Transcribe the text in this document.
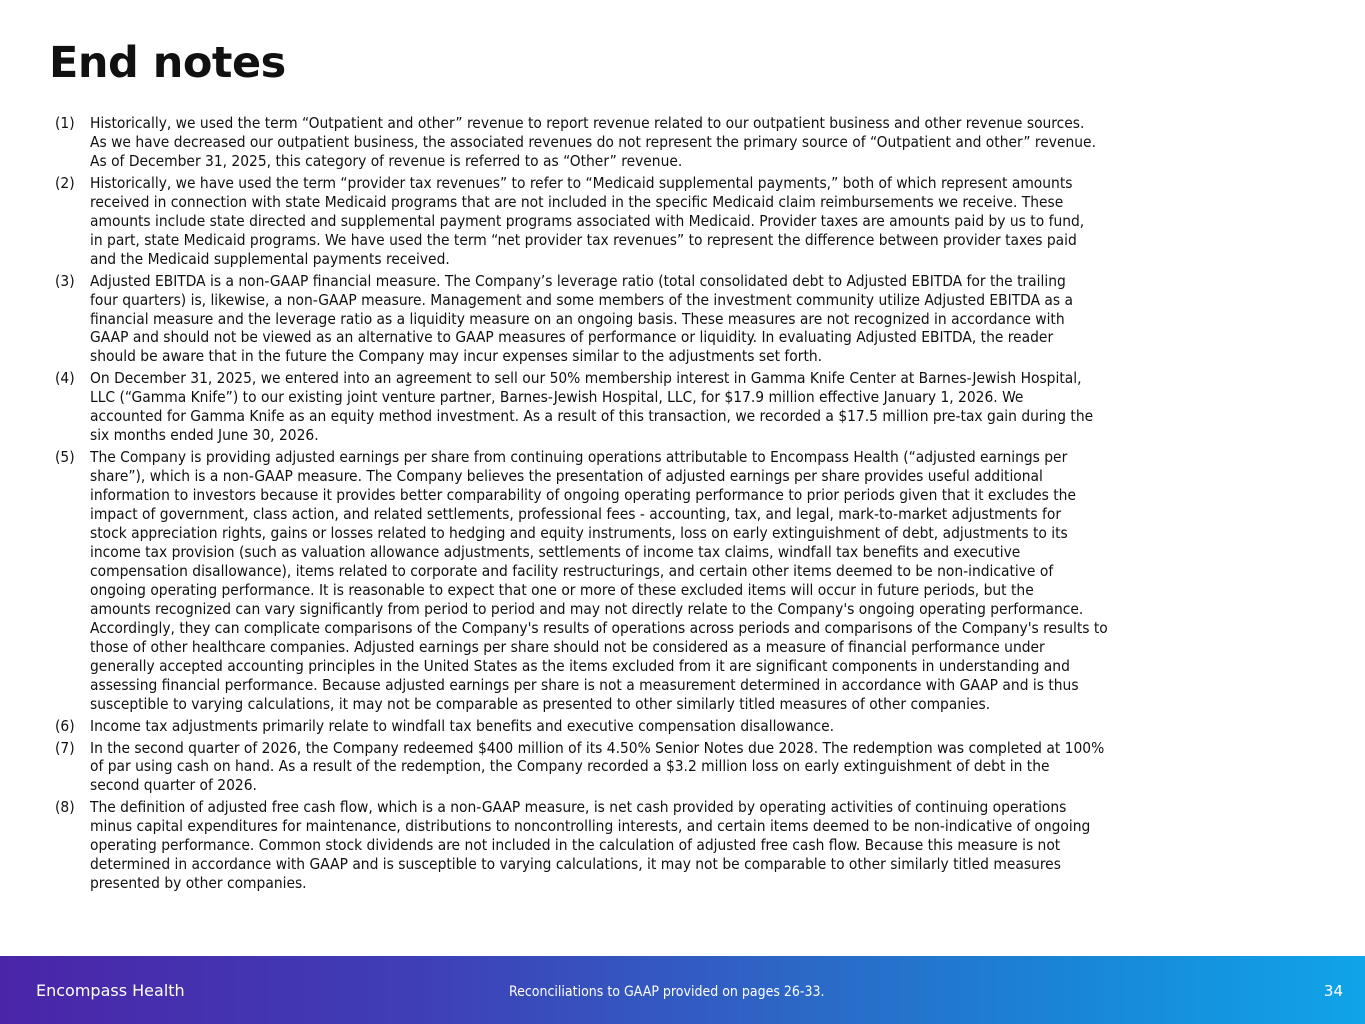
End notes
(1) Historically, we used the term “Outpatient and other” revenue to report revenue related to our outpatient business and other revenue sources.
As we have decreased our outpatient business, the associated revenues do not represent the primary source of “Outpatient and other” revenue.
As of December 31, 2025, this category of revenue is referred to as “Other” revenue.
(2) Historically, we have used the term “provider tax revenues” to refer to “Medicaid supplemental payments,” both of which represent amounts
received in connection with state Medicaid programs that are not included in the specific Medicaid claim reimbursements we receive. These
amounts include state directed and supplemental payment programs associated with Medicaid. Provider taxes are amounts paid by us to fund,
in part, state Medicaid programs. We have used the term “net provider tax revenues” to represent the difference between provider taxes paid
and the Medicaid supplemental payments received.
(3) Adjusted EBITDA is a non-GAAP financial measure. The Company’s leverage ratio (total consolidated debt to Adjusted EBITDA for the trailing
four quarters) is, likewise, a non-GAAP measure. Management and some members of the investment community utilize Adjusted EBITDA as a
financial measure and the leverage ratio as a liquidity measure on an ongoing basis. These measures are not recognized in accordance with
GAAP and should not be viewed as an alternative to GAAP measures of performance or liquidity. In evaluating Adjusted EBITDA, the reader
should be aware that in the future the Company may incur expenses similar to the adjustments set forth.
(4) On December 31, 2025, we entered into an agreement to sell our 50% membership interest in Gamma Knife Center at Barnes-Jewish Hospital,
LLC (“Gamma Knife”) to our existing joint venture partner, Barnes-Jewish Hospital, LLC, for $17.9 million effective January 1, 2026. We
accounted for Gamma Knife as an equity method investment. As a result of this transaction, we recorded a $17.5 million pre-tax gain during the
six months ended June 30, 2026.
(5) The Company is providing adjusted earnings per share from continuing operations attributable to Encompass Health (“adjusted earnings per
share”), which is a non-GAAP measure. The Company believes the presentation of adjusted earnings per share provides useful additional
information to investors because it provides better comparability of ongoing operating performance to prior periods given that it excludes the
impact of government, class action, and related settlements, professional fees - accounting, tax, and legal, mark-to-market adjustments for
stock appreciation rights, gains or losses related to hedging and equity instruments, loss on early extinguishment of debt, adjustments to its
income tax provision (such as valuation allowance adjustments, settlements of income tax claims, windfall tax benefits and executive
compensation disallowance), items related to corporate and facility restructurings, and certain other items deemed to be non-indicative of
ongoing operating performance. It is reasonable to expect that one or more of these excluded items will occur in future periods, but the
amounts recognized can vary significantly from period to period and may not directly relate to the Company's ongoing operating performance.
Accordingly, they can complicate comparisons of the Company's results of operations across periods and comparisons of the Company's results to
those of other healthcare companies. Adjusted earnings per share should not be considered as a measure of financial performance under
generally accepted accounting principles in the United States as the items excluded from it are significant components in understanding and
assessing financial performance. Because adjusted earnings per share is not a measurement determined in accordance with GAAP and is thus
susceptible to varying calculations, it may not be comparable as presented to other similarly titled measures of other companies.
(6) Income tax adjustments primarily relate to windfall tax benefits and executive compensation disallowance.
(7) In the second quarter of 2026, the Company redeemed $400 million of its 4.50% Senior Notes due 2028. The redemption was completed at 100%
of par using cash on hand. As a result of the redemption, the Company recorded a $3.2 million loss on early extinguishment of debt in the
second quarter of 2026.
(8) The definition of adjusted free cash flow, which is a non-GAAP measure, is net cash provided by operating activities of continuing operations
minus capital expenditures for maintenance, distributions to noncontrolling interests, and certain items deemed to be non-indicative of ongoing
operating performance. Common stock dividends are not included in the calculation of adjusted free cash flow. Because this measure is not
determined in accordance with GAAP and is susceptible to varying calculations, it may not be comparable to other similarly titled measures
presented by other companies.
Encompass Health	Reconciliations to GAAP provided on pages 26-33.	34
